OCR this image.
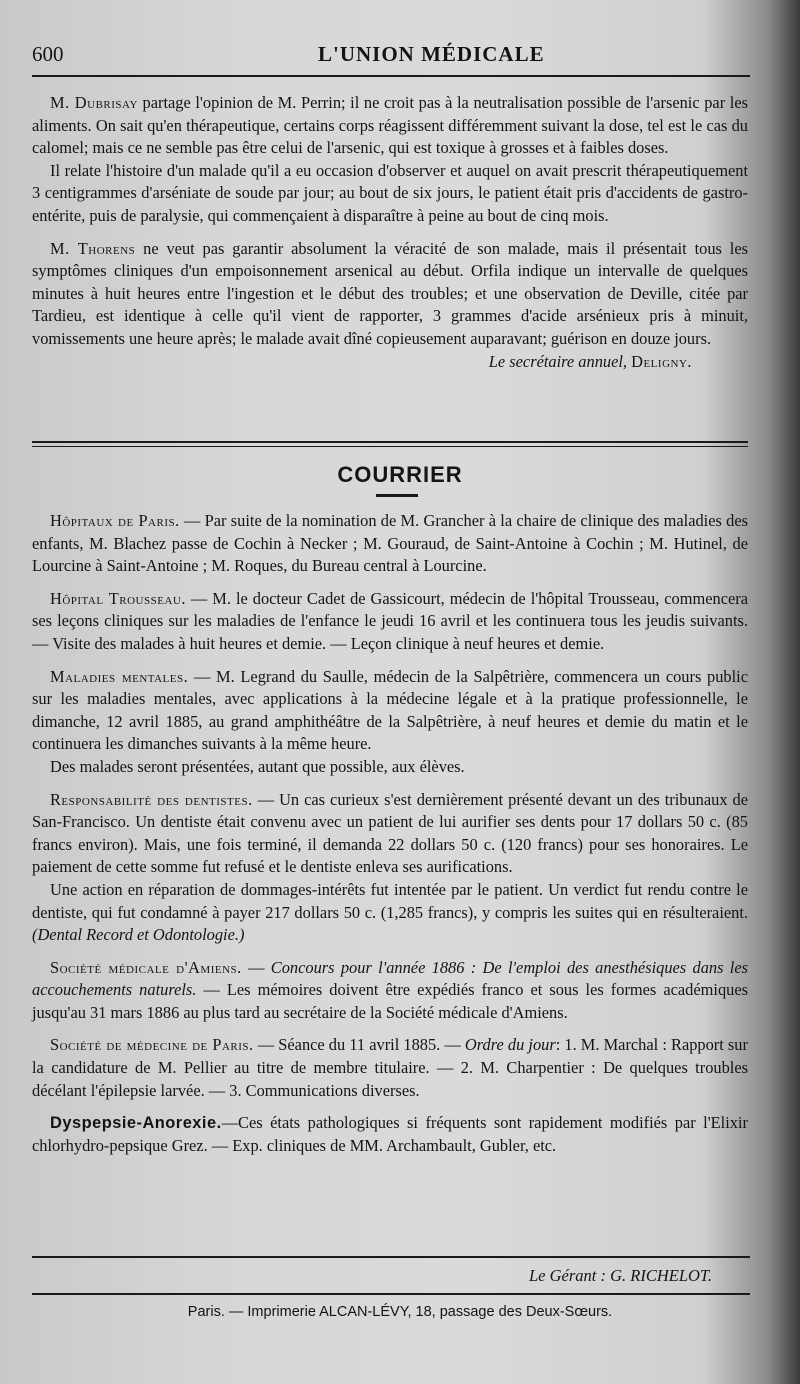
600	L'UNION MÉDICALE

M. Dubrisay partage l'opinion de M. Perrin; il ne croit pas à la neutralisation possible de l'arsenic par les aliments. On sait qu'en thérapeutique, certains corps réagissent différemment suivant la dose, tel est le cas du calomel; mais ce ne semble pas être celui de l'arsenic, qui est toxique à grosses et à faibles doses.

Il relate l'histoire d'un malade qu'il a eu occasion d'observer et auquel on avait prescrit thérapeutiquement 3 centigrammes d'arséniate de soude par jour; au bout de six jours, le patient était pris d'accidents de gastro-entérite, puis de paralysie, qui commençaient à disparaître à peine au bout de cinq mois.

M. Thorens ne veut pas garantir absolument la véracité de son malade, mais il présentait tous les symptômes cliniques d'un empoisonnement arsenical au début. Orfila indique un intervalle de quelques minutes à huit heures entre l'ingestion et le début des troubles; et une observation de Deville, citée par Tardieu, est identique à celle qu'il vient de rapporter, 3 grammes d'acide arsénieux pris à minuit, vomissements une heure après; le malade avait dîné copieusement auparavant; guérison en douze jours.

Le secrétaire annuel, Deligny.

COURRIER

Hôpitaux de Paris. — Par suite de la nomination de M. Grancher à la chaire de clinique des maladies des enfants, M. Blachez passe de Cochin à Necker ; M. Gouraud, de Saint-Antoine à Cochin ; M. Hutinel, de Lourcine à Saint-Antoine ; M. Roques, du Bureau central à Lourcine.

Hôpital Trousseau. — M. le docteur Cadet de Gassicourt, médecin de l'hôpital Trousseau, commencera ses leçons cliniques sur les maladies de l'enfance le jeudi 16 avril et les continuera tous les jeudis suivants. — Visite des malades à huit heures et demie. — Leçon clinique à neuf heures et demie.

Maladies mentales. — M. Legrand du Saulle, médecin de la Salpêtrière, commencera un cours public sur les maladies mentales, avec applications à la médecine légale et à la pratique professionnelle, le dimanche, 12 avril 1885, au grand amphithéâtre de la Salpêtrière, à neuf heures et demie du matin et le continuera les dimanches suivants à la même heure.

Des malades seront présentées, autant que possible, aux élèves.

Responsabilité des dentistes. — Un cas curieux s'est dernièrement présenté devant un des tribunaux de San-Francisco. Un dentiste était convenu avec un patient de lui aurifier ses dents pour 17 dollars 50 c. (85 francs environ). Mais, une fois terminé, il demanda 22 dollars 50 c. (120 francs) pour ses honoraires. Le paiement de cette somme fut refusé et le dentiste enleva ses aurifications.

Une action en réparation de dommages-intérêts fut intentée par le patient. Un verdict fut rendu contre le dentiste, qui fut condamné à payer 217 dollars 50 c. (1,285 francs), y compris les suites qui en résulteraient. (Dental Record et Odontologie.)

Société médicale d'Amiens. — Concours pour l'année 1886 : De l'emploi des anesthésiques dans les accouchements naturels. — Les mémoires doivent être expédiés franco et sous les formes académiques jusqu'au 31 mars 1886 au plus tard au secrétaire de la Société médicale d'Amiens.

Société de médecine de Paris. — Séance du 11 avril 1885. — Ordre du jour: 1. M. Marchal : Rapport sur la candidature de M. Pellier au titre de membre titulaire. — 2. M. Charpentier : De quelques troubles décélant l'épilepsie larvée. — 3. Communications diverses.

Dyspepsie-Anorexie.—Ces états pathologiques si fréquents sont rapidement modifiés par l'Elixir chlorhydro-pepsique Grez. — Exp. cliniques de MM. Archambault, Gubler, etc.

Le Gérant : G. RICHELOT.
Paris. — Imprimerie ALCAN-LÉVY, 18, passage des Deux-Sœurs.
